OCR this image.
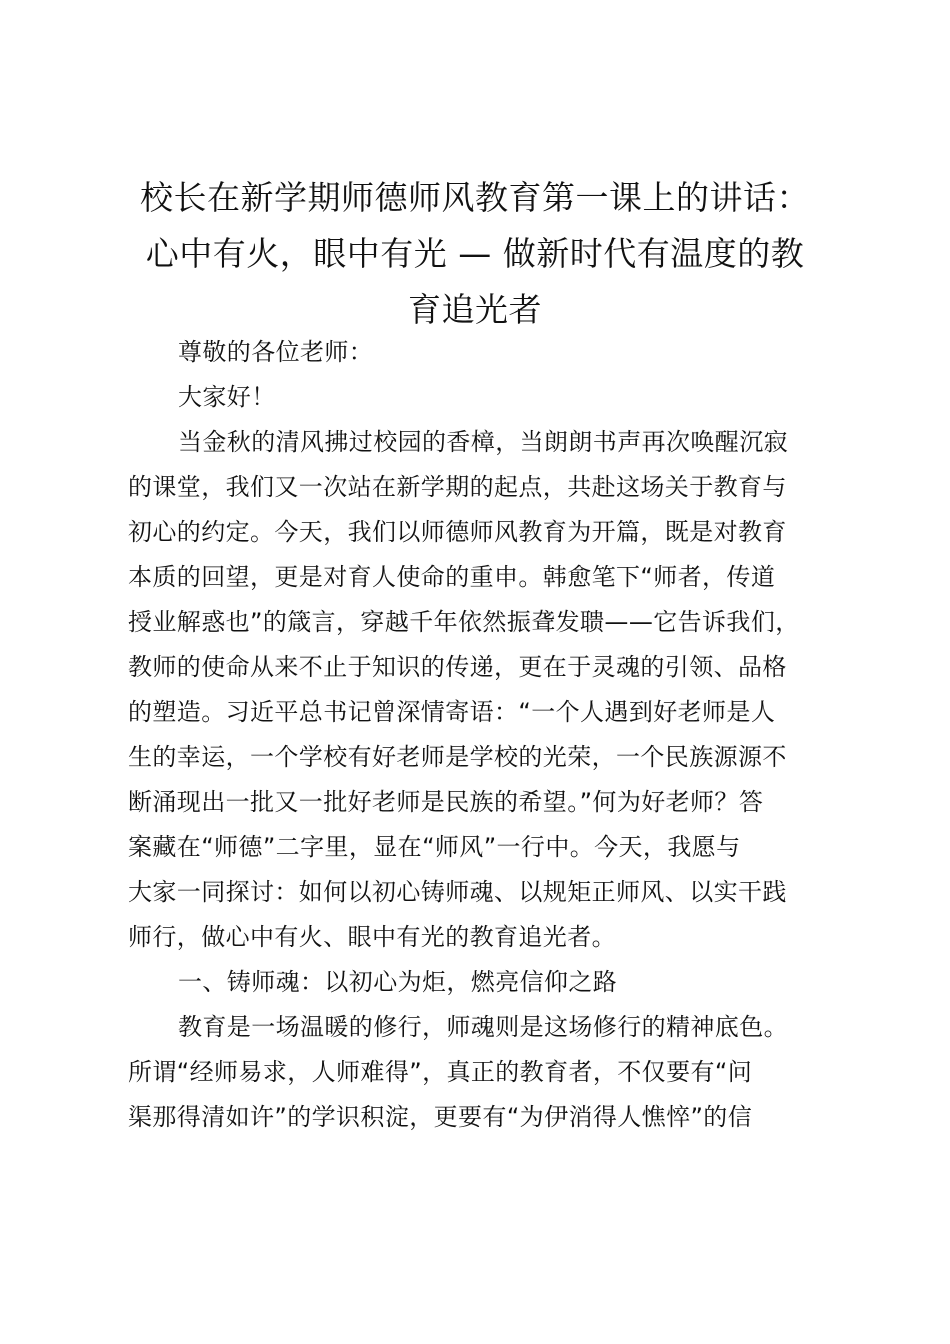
校长在新学期师德师风教育第一课上的讲话：
心中有火，眼中有光 — 做新时代有温度的教
育追光者

尊敬的各位老师：

大家好！

当金秋的清风拂过校园的香樟，当朗朗书声再次唤醒沉寂
的课堂，我们又一次站在新学期的起点，共赴这场关于教育与
初心的约定。今天，我们以师德师风教育为开篇，既是对教育
本质的回望，更是对育人使命的重申。韩愈笔下“师者，传道
授业解惑也”的箴言，穿越千年依然振聋发聩——它告诉我们，
教师的使命从来不止于知识的传递，更在于灵魂的引领、品格
的塑造。习近平总书记曾深情寄语：“一个人遇到好老师是人
生的幸运，一个学校有好老师是学校的光荣，一个民族源源不
断涌现出一批又一批好老师是民族的希望。”何为好老师？答
案藏在“师德”二字里，显在“师风”一行中。今天，我愿与
大家一同探讨：如何以初心铸师魂、以规矩正师风、以实干践
师行，做心中有火、眼中有光的教育追光者。

一、铸师魂：以初心为炬，燃亮信仰之路

教育是一场温暖的修行，师魂则是这场修行的精神底色。
所谓“经师易求，人师难得”，真正的教育者，不仅要有“问
渠那得清如许”的学识积淀，更要有“为伊消得人憔悴”的信
